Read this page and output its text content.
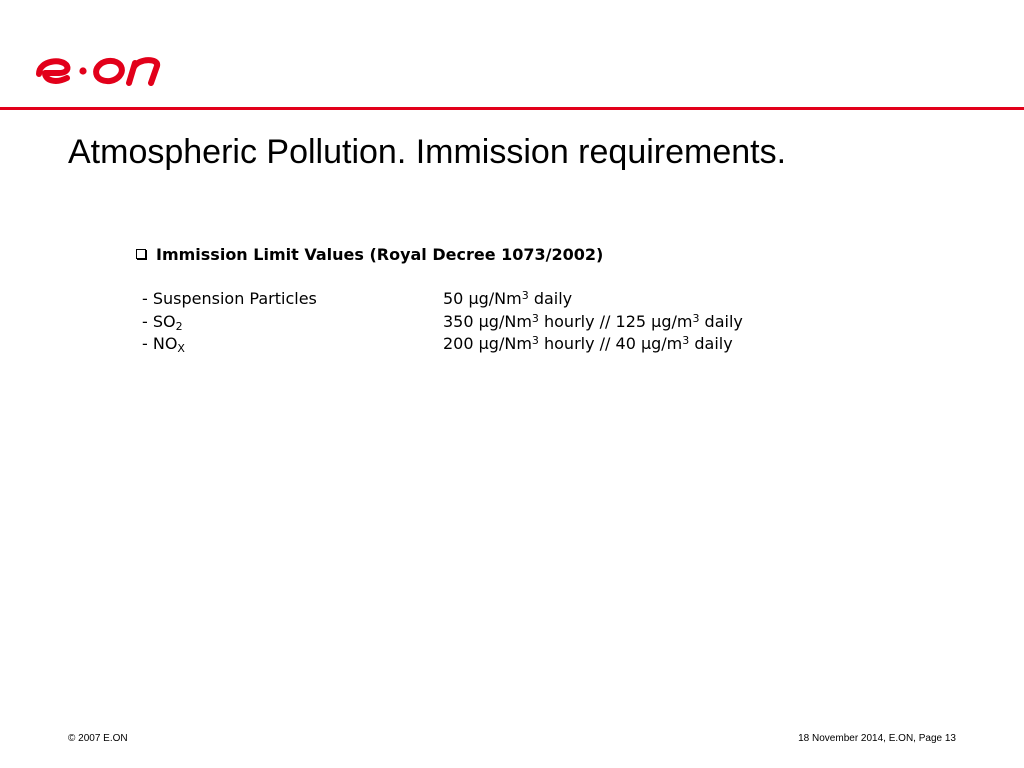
Atmospheric Pollution. Immission requirements.
Immission Limit Values (Royal Decree 1073/2002)
- Suspension Particles	50 μg/Nm$^3$ daily
- $SO_2$	350 μg/Nm$^3$ hourly // 125 $\mu g/m^3$ daily
- $NO_X$	200 μg/Nm$^3$ hourly // 40 $\mu g/m^3$ daily
© 2007 E.ON	18 November 2014, E.ON, Page 13
